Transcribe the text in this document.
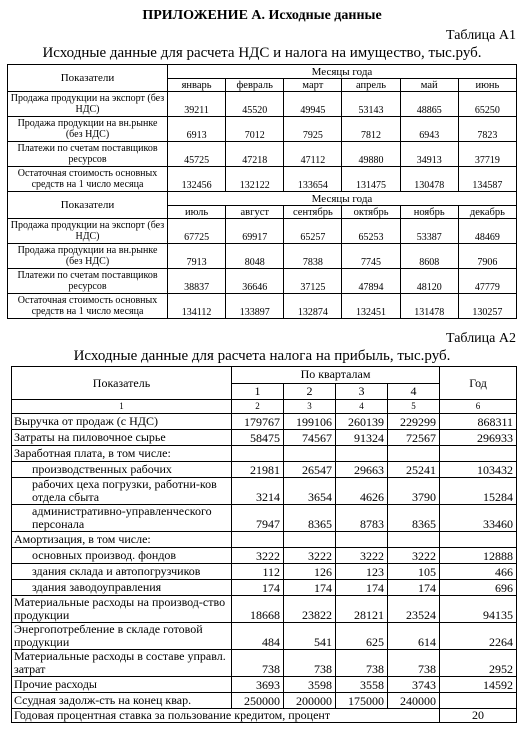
ПРИЛОЖЕНИЕ А. Исходные данные
Таблица А1
Исходные данные для расчета НДС и налога на имущество, тыс.руб.
Показатели	Месяцы года					
	январь	февраль	март	апрель	май	июнь
Продажа продукции на экспорт (без НДС)	39211	45520	49945	53143	48865	65250
Продажа продукции на вн.рынке (без НДС)	6913	7012	7925	7812	6943	7823
Платежи по счетам поставщиков ресурсов	45725	47218	47112	49880	34913	37719
Остаточная стоимость основных средств на 1 число месяца	132456	132122	133654	131475	130478	134587
Показатели	Месяцы года					
	июль	август	сентябрь	октябрь	ноябрь	декабрь
Продажа продукции на экспорт (без НДС)	67725	69917	65257	65253	53387	48469
Продажа продукции на вн.рынке (без НДС)	7913	8048	7838	7745	8608	7906
Платежи по счетам поставщиков ресурсов	38837	36646	37125	47894	48120	47779
Остаточная стоимость основных средств на 1 число месяца	134112	133897	132874	132451	131478	130257
Таблица А2
Исходные данные для расчета налога на прибыль, тыс.руб.
Показатель	По кварталам				Год
	1	2	3	4	
1	2	3	4	5	6
Выручка от продаж (с НДС)	179767	199106	260139	229299	868311
Затраты на пиловочное сырье	58475	74567	91324	72567	296933
Заработная плата, в том числе:					
производственных рабочих	21981	26547	29663	25241	103432
рабочих цеха погрузки, работни-ков отдела сбыта	3214	3654	4626	3790	15284
административно-управленческого персонала	7947	8365	8783	8365	33460
Амортизация, в том числе:					
основных производ. фондов	3222	3222	3222	3222	12888
здания склада и автопогрузчиков	112	126	123	105	466
здания заводоуправления	174	174	174	174	696
Материальные расходы на производ-ство продукции	18668	23822	28121	23524	94135
Энергопотребление в складе готовой продукции	484	541	625	614	2264
Материальные расходы в составе управл. затрат	738	738	738	738	2952
Прочие расходы	3693	3598	3558	3743	14592
Ссудная задолж-сть на конец квар.	250000	200000	175000	240000	
Годовая процентная ставка за пользование кредитом, процент					20
